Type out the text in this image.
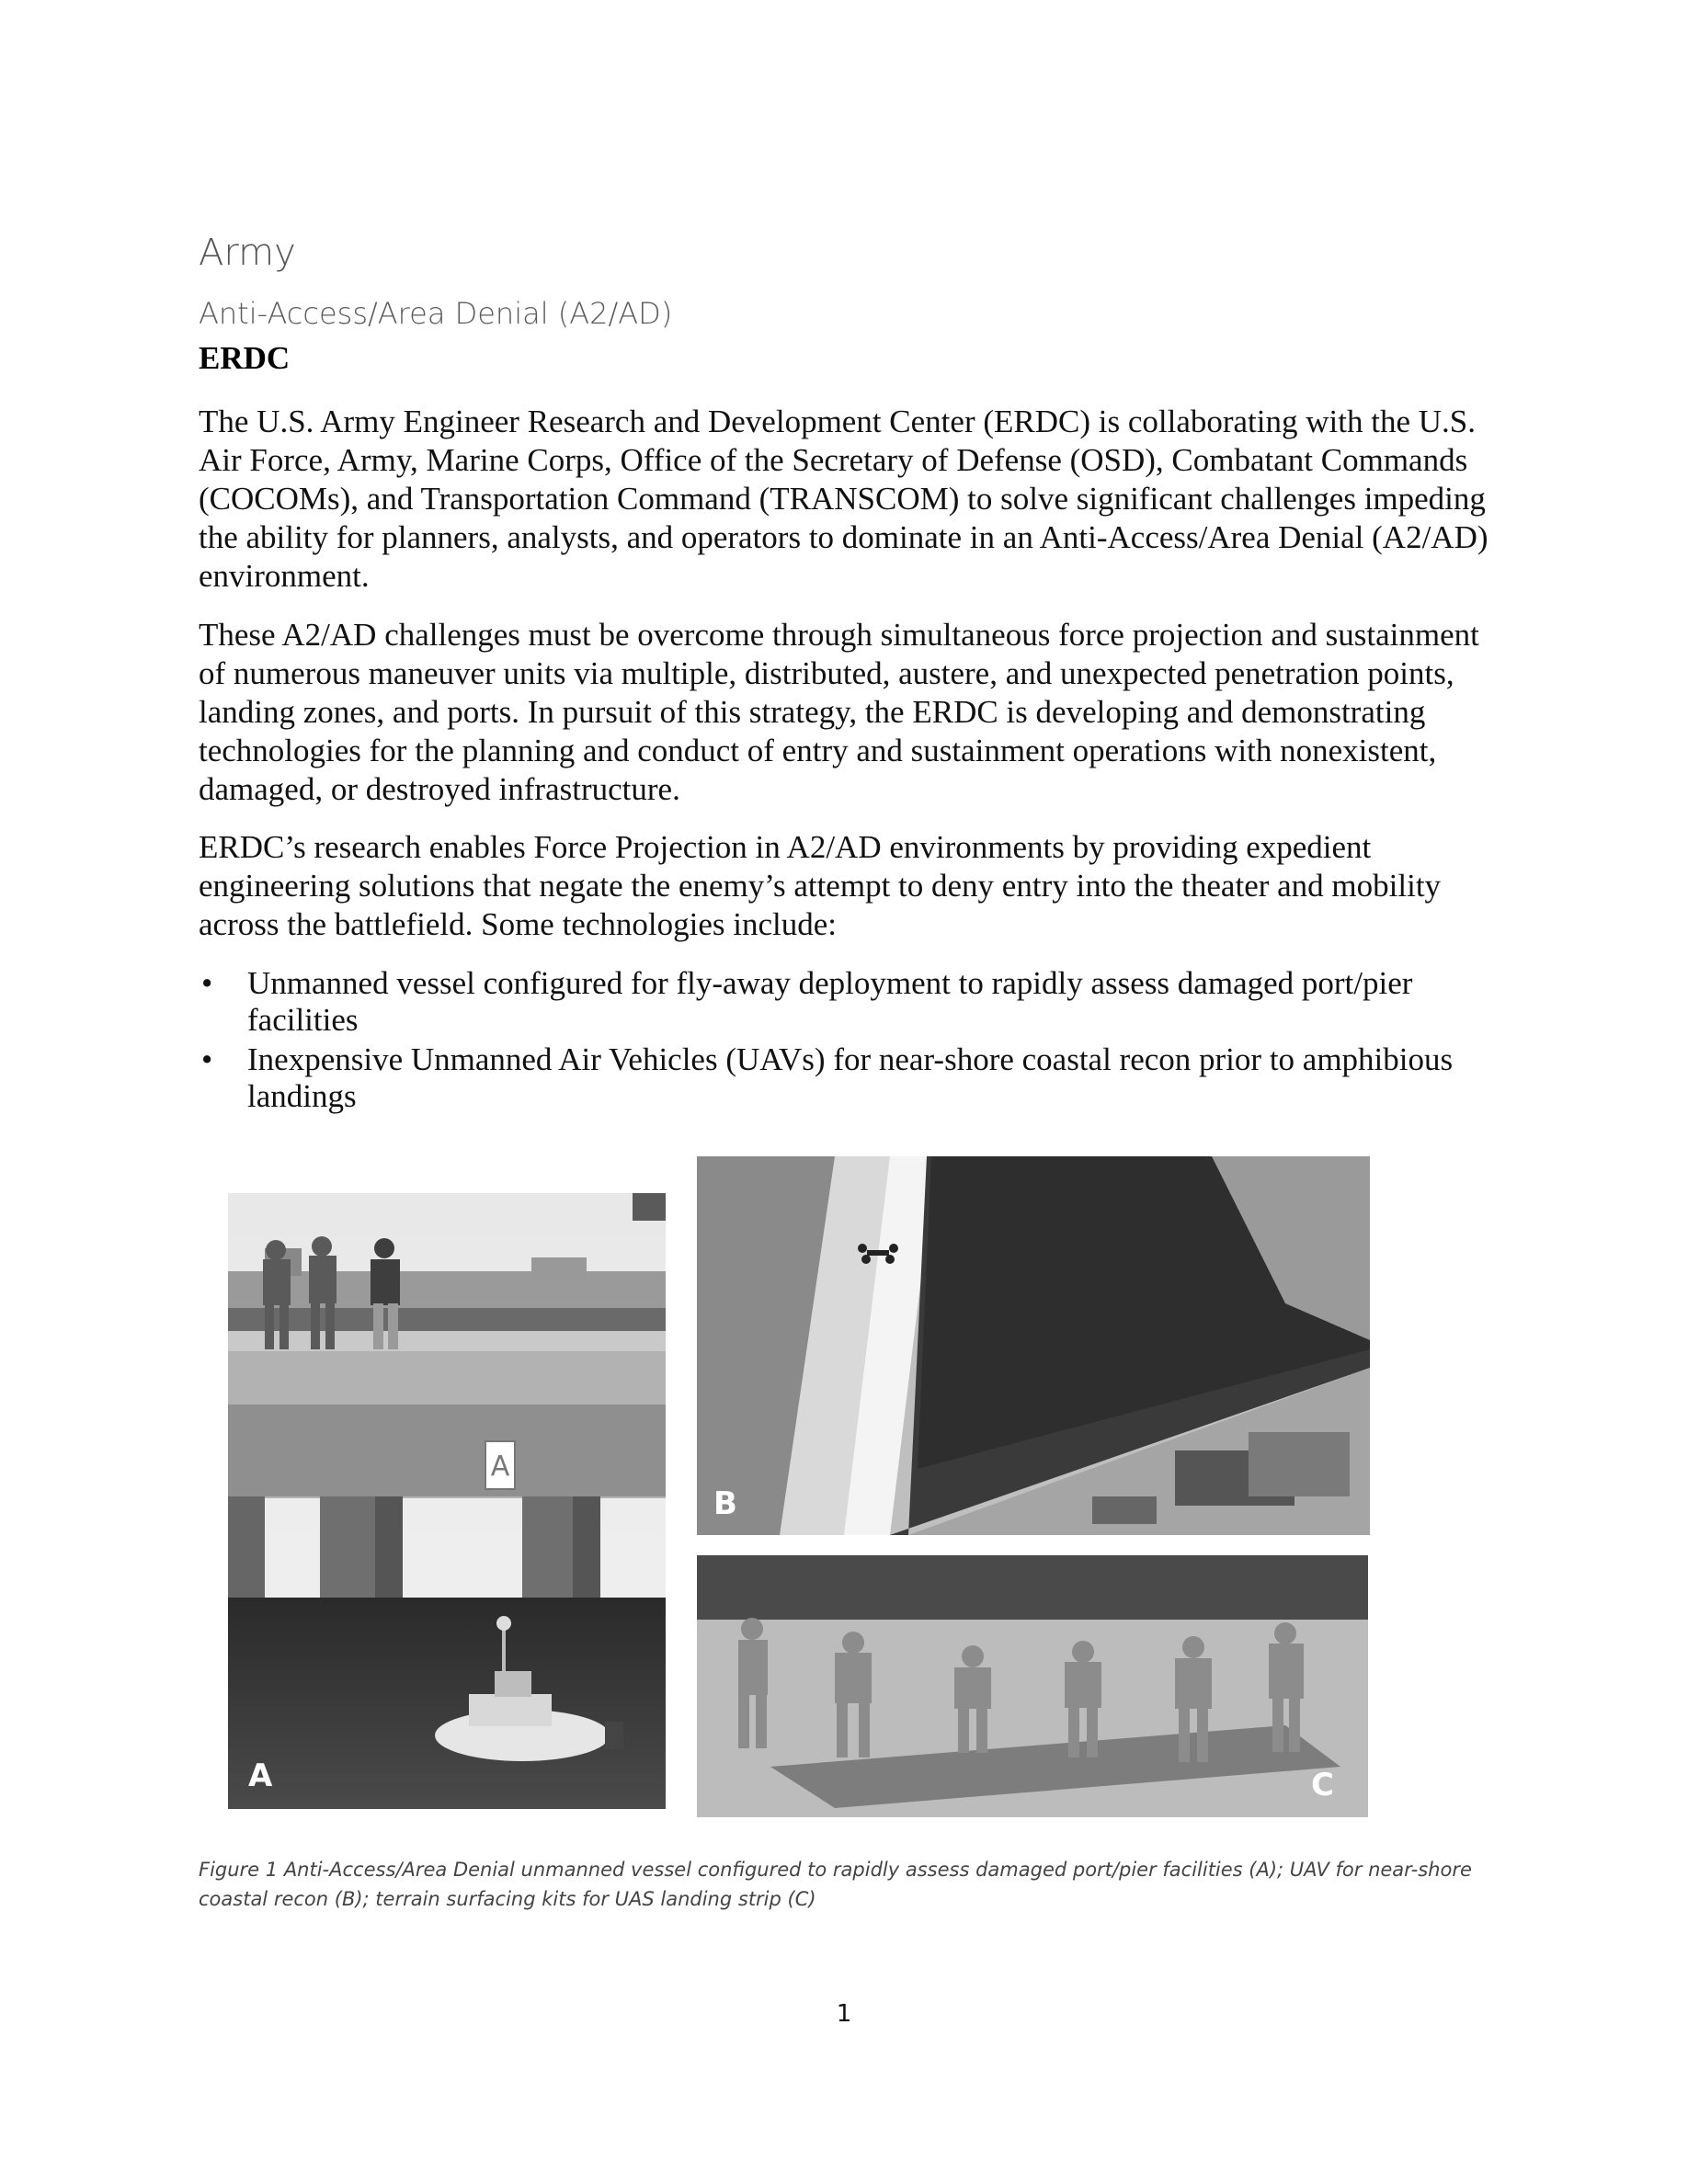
Army
Anti-Access/Area Denial (A2/AD)
ERDC

The U.S. Army Engineer Research and Development Center (ERDC) is collaborating with the U.S. Air Force, Army, Marine Corps, Office of the Secretary of Defense (OSD), Combatant Commands (COCOMs), and Transportation Command (TRANSCOM) to solve significant challenges impeding the ability for planners, analysts, and operators to dominate in an Anti-Access/Area Denial (A2/AD) environment.

These A2/AD challenges must be overcome through simultaneous force projection and sustainment of numerous maneuver units via multiple, distributed, austere, and unexpected penetration points, landing zones, and ports. In pursuit of this strategy, the ERDC is developing and demonstrating technologies for the planning and conduct of entry and sustainment operations with nonexistent, damaged, or destroyed infrastructure.

ERDC’s research enables Force Projection in A2/AD environments by providing expedient engineering solutions that negate the enemy’s attempt to deny entry into the theater and mobility across the battlefield. Some technologies include:

• Unmanned vessel configured for fly-away deployment to rapidly assess damaged port/pier facilities
• Inexpensive Unmanned Air Vehicles (UAVs) for near-shore coastal recon prior to amphibious landings
A
A
B
C

Figure 1 Anti-Access/Area Denial unmanned vessel configured to rapidly assess damaged port/pier facilities (A); UAV for near-shore coastal recon (B); terrain surfacing kits for UAS landing strip (C)

1
